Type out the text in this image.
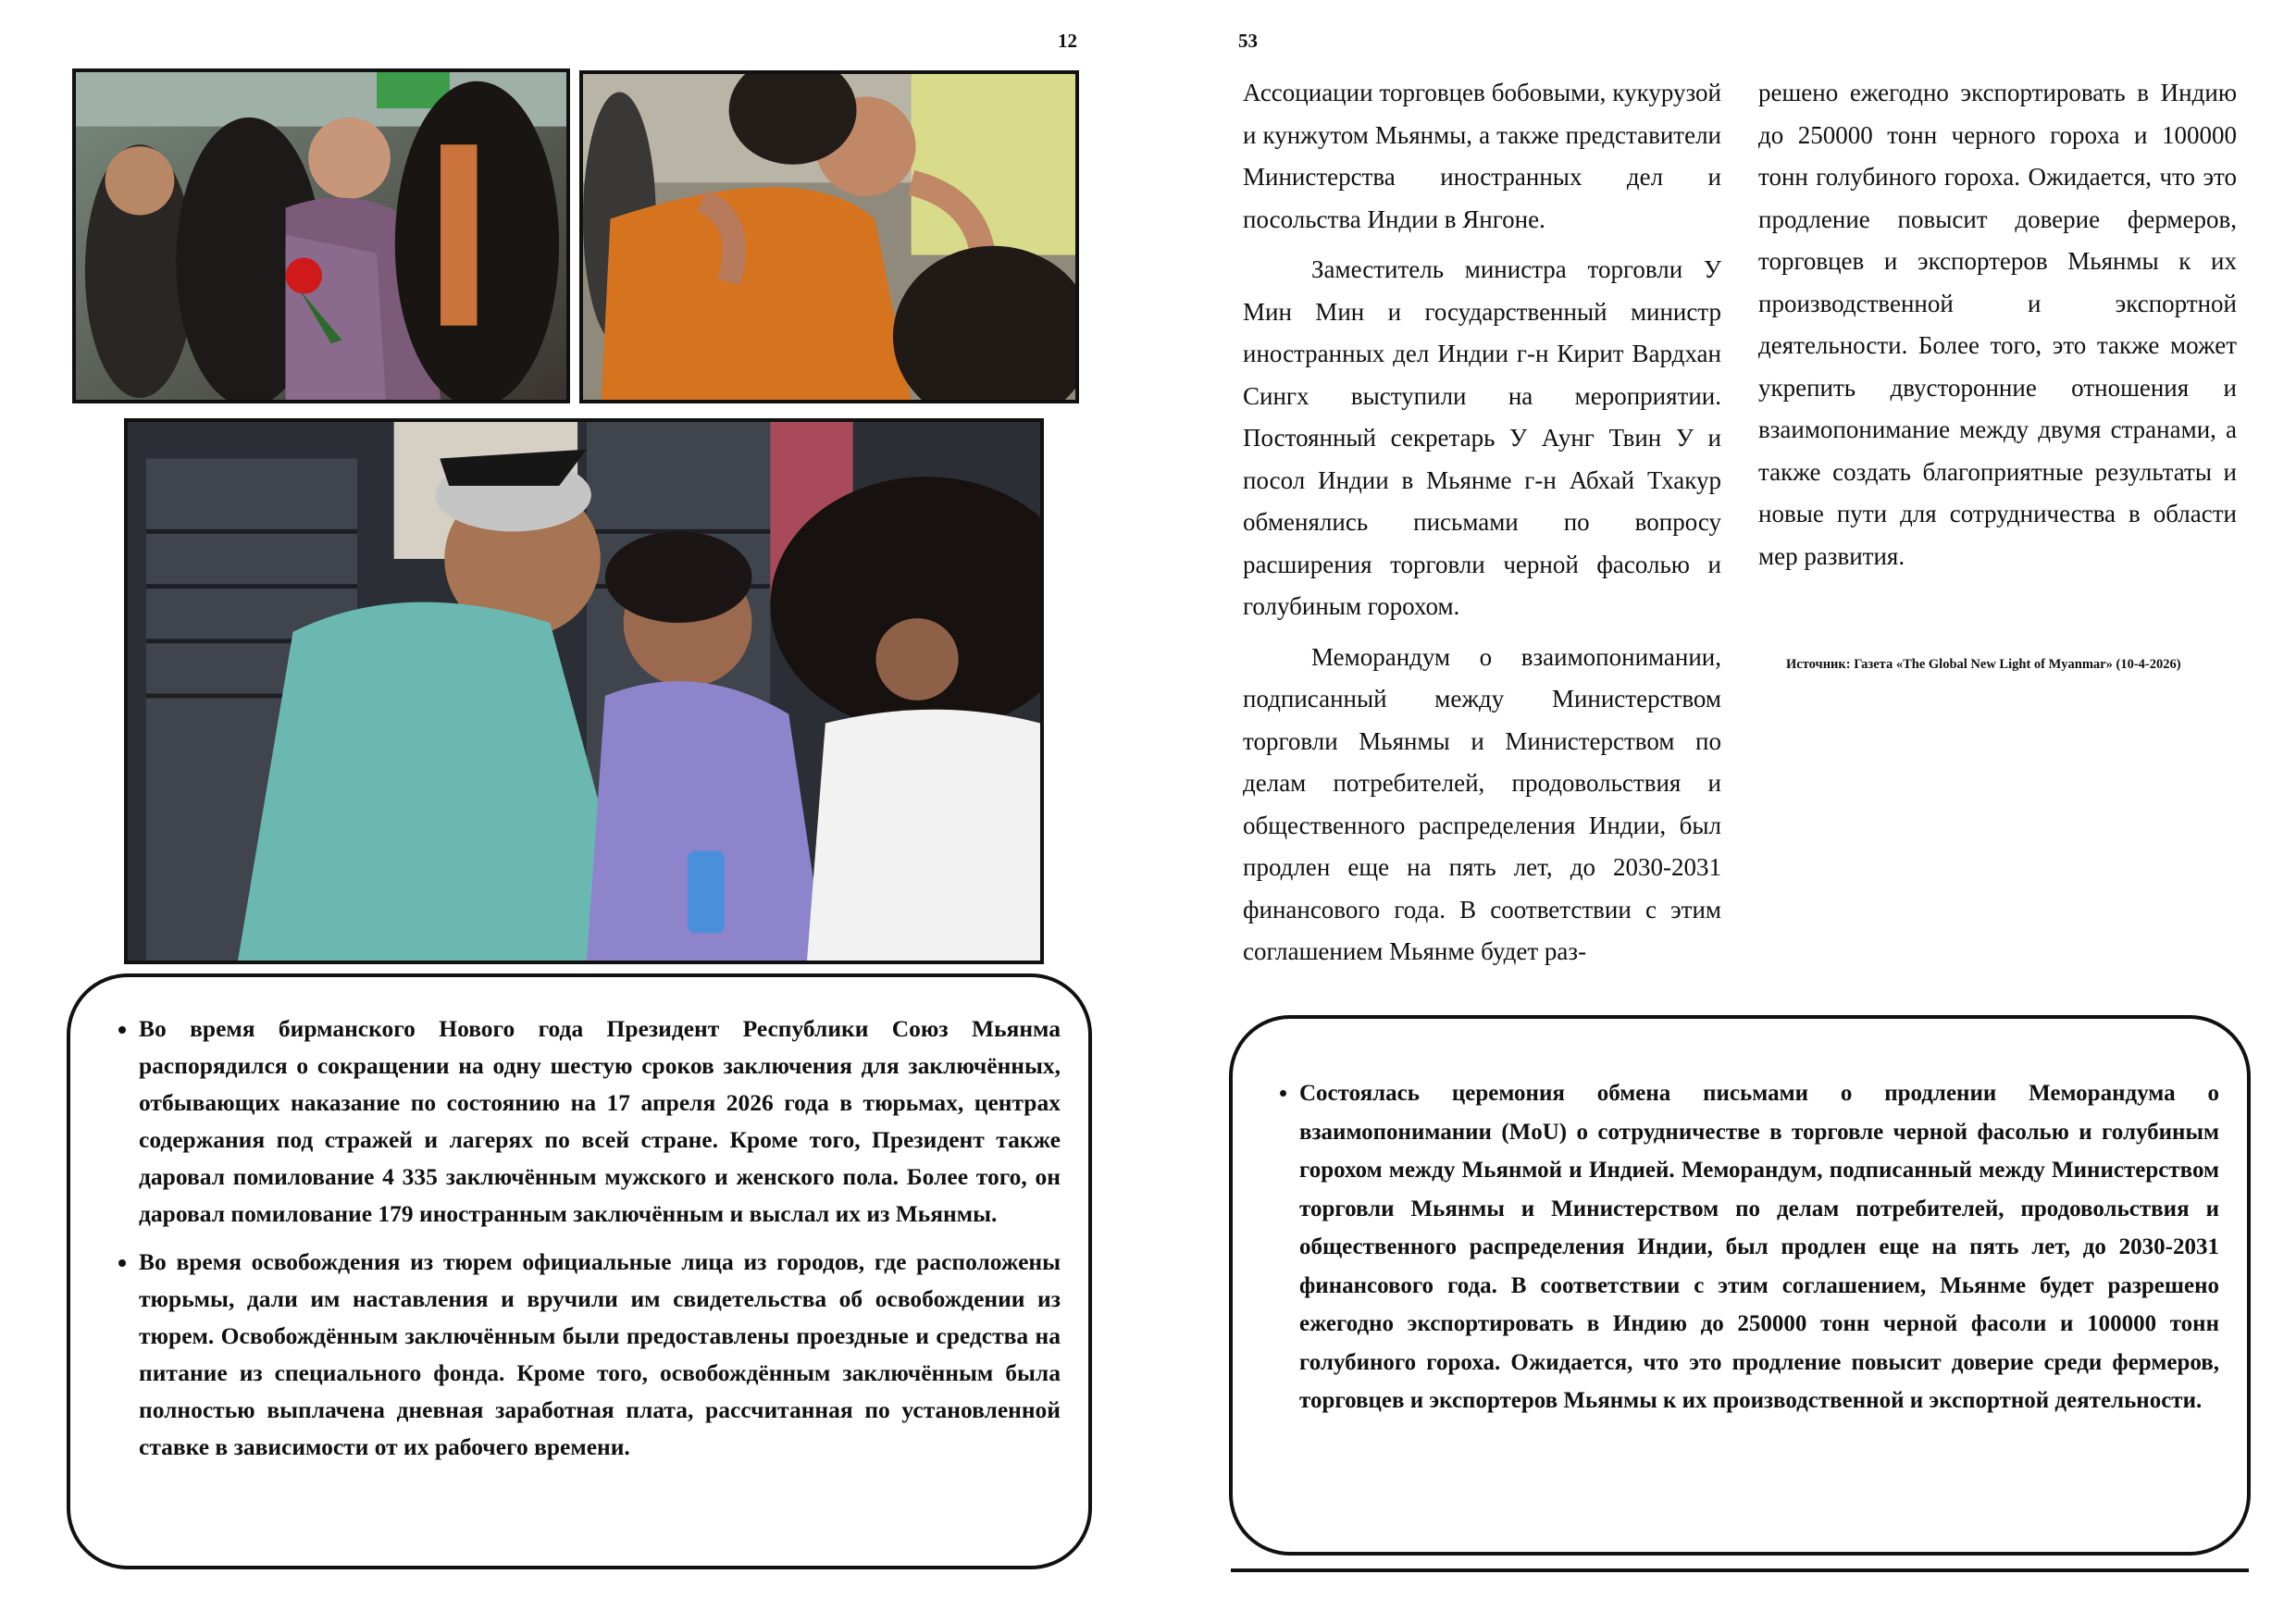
12
• Во время бирманского Нового года Президент Республики Союз Мьянма распорядился о сокращении на одну шестую сроков заключения для заключённых, отбывающих наказание по состоянию на 17 апреля 2026 года в тюрьмах, центрах содержания под стражей и лагерях по всей стране. Кроме того, Президент также даровал помилование 4 335 заключённым мужского и женского пола. Более того, он даровал помилование 179 иностранным заключённым и выслал их из Мьянмы.
• Во время освобождения из тюрем официальные лица из городов, где расположены тюрьмы, дали им наставления и вручили им свидетельства об освобождении из тюрем. Освобождённым заключённым были предоставлены проездные и средства на питание из специального фонда. Кроме того, освобождённым заключённым была полностью выплачена дневная заработная плата, рассчитанная по установленной ставке в зависимости от их рабочего времени.
53

Ассоциации торговцев бобовыми, кукурузой и кунжутом Мьянмы, а также представители Министерства иностранных дел и посольства Индии в Янгоне.

Заместитель министра торговли У Мин Мин и государственный министр иностранных дел Индии г-н Кирит Вардхан Сингх выступили на мероприятии. Постоянный секретарь У Аунг Твин У и посол Индии в Мьянме г-н Абхай Тхакур обменялись письмами по вопросу расширения торговли черной фасолью и голубиным горохом.

Меморандум о взаимопонимании, подписанный между Министерством торговли Мьянмы и Министерством по делам потребителей, продовольствия и общественного распределения Индии, был продлен еще на пять лет, до 2030-2031 финансового года. В соответствии с этим соглашением Мьянме будет раз-

решено ежегодно экспортировать в Индию до 250000 тонн черного гороха и 100000 тонн голубиного гороха. Ожидается, что это продление повысит доверие фермеров, торговцев и экспортеров Мьянмы к их производственной и экспортной деятельности. Более того, это также может укрепить двусторонние отношения и взаимопонимание между двумя странами, а также создать благоприятные результаты и новые пути для сотрудничества в области мер развития.

Источник: Газета «The Global New Light of Myanmar» (10-4-2026)
• Состоялась церемония обмена письмами о продлении Меморандума о взаимопонимании (MoU) о сотрудничестве в торговле черной фасолью и голубиным горохом между Мьянмой и Индией. Меморандум, подписанный между Министерством торговли Мьянмы и Министерством по делам потребителей, продовольствия и общественного распределения Индии, был продлен еще на пять лет, до 2030-2031 финансового года. В соответствии с этим соглашением, Мьянме будет разрешено ежегодно экспортировать в Индию до 250000 тонн черной фасоли и 100000 тонн голубиного гороха. Ожидается, что это продление повысит доверие среди фермеров, торговцев и экспортеров Мьянмы к их производственной и экспортной деятельности.
